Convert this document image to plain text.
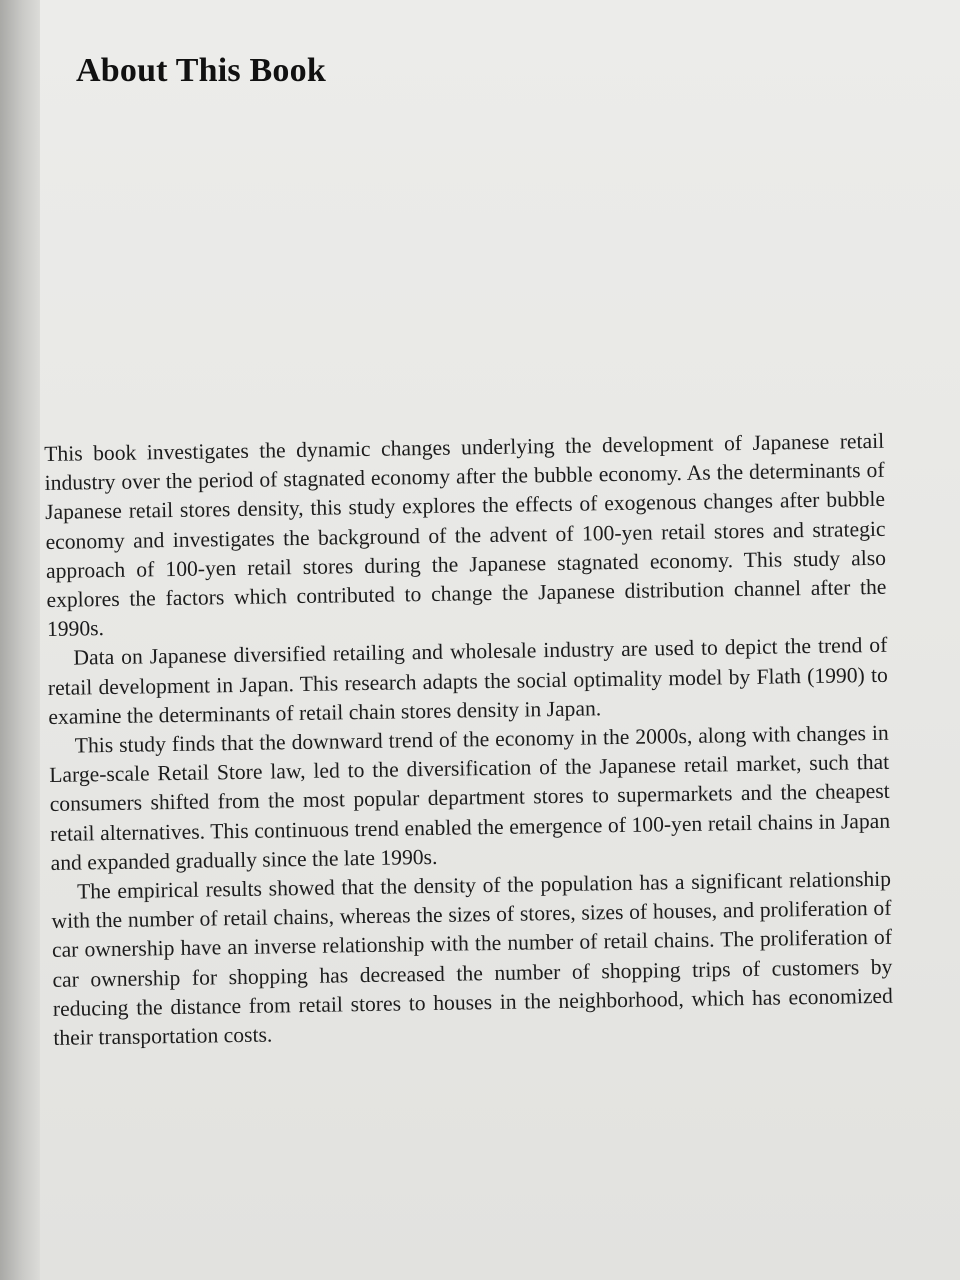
About This Book

This book investigates the dynamic changes underlying the development of Japanese retail industry over the period of stagnated economy after the bubble economy. As the determinants of Japanese retail stores density, this study explores the effects of exogenous changes after bubble economy and investigates the background of the advent of 100-yen retail stores and strategic approach of 100-yen retail stores during the Japanese stagnated economy. This study also explores the factors which contributed to change the Japanese distribution channel after the 1990s.

Data on Japanese diversified retailing and wholesale industry are used to depict the trend of retail development in Japan. This research adapts the social optimality model by Flath (1990) to examine the determinants of retail chain stores density in Japan.

This study finds that the downward trend of the economy in the 2000s, along with changes in Large-scale Retail Store law, led to the diversification of the Japanese retail market, such that consumers shifted from the most popular department stores to supermarkets and the cheapest retail alternatives. This continuous trend enabled the emergence of 100-yen retail chains in Japan and expanded gradually since the late 1990s.

The empirical results showed that the density of the population has a significant relationship with the number of retail chains, whereas the sizes of stores, sizes of houses, and proliferation of car ownership have an inverse relationship with the number of retail chains. The proliferation of car ownership for shopping has decreased the number of shopping trips of customers by reducing the distance from retail stores to houses in the neighborhood, which has economized their transportation costs.
